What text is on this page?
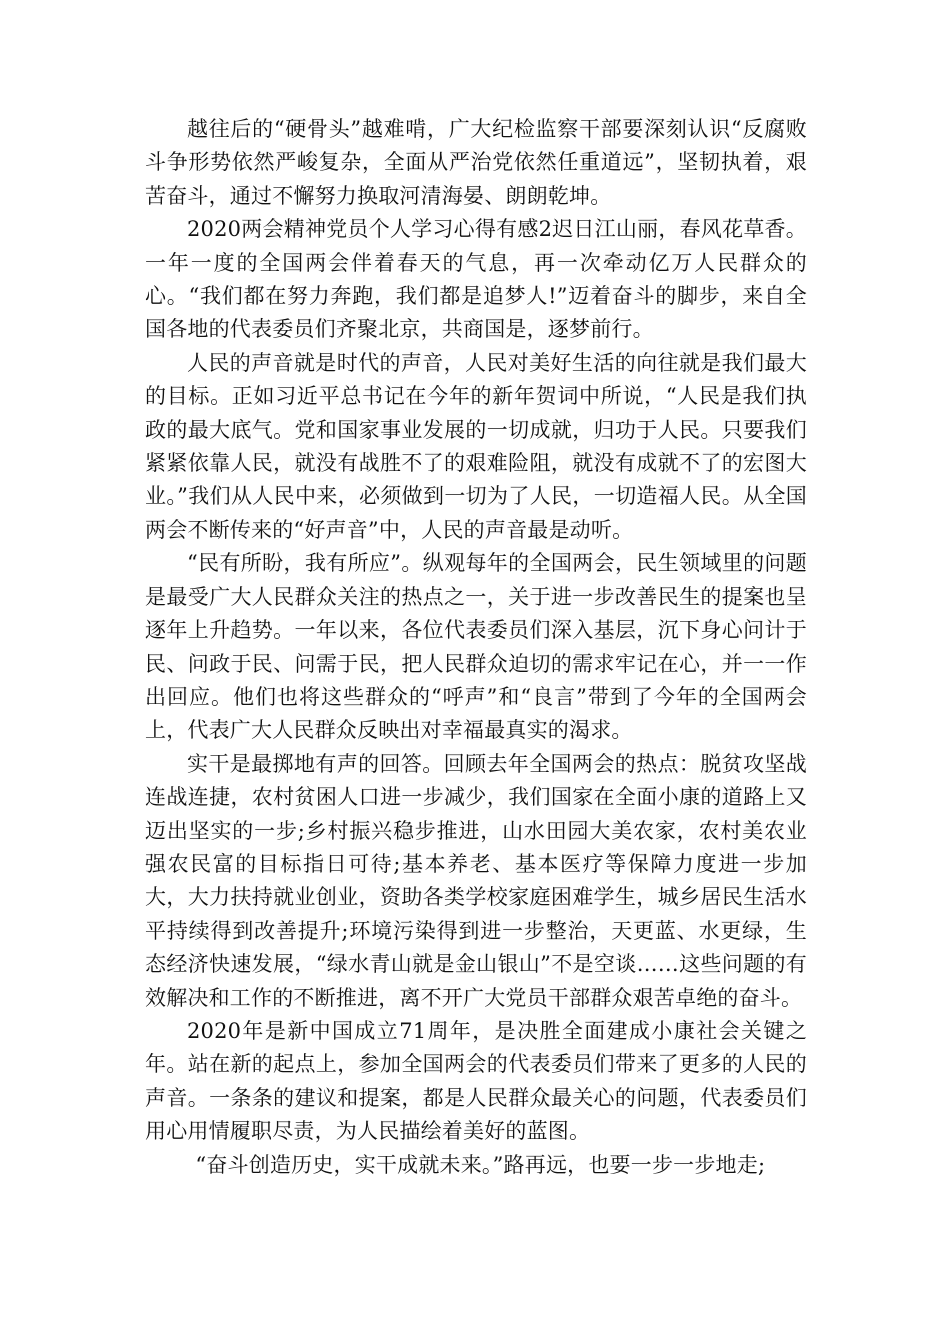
越往后的“硬骨头”越难啃，广大纪检监察干部要深刻认识“反腐败斗争形势依然严峻复杂，全面从严治党依然任重道远”，坚韧执着，艰苦奋斗，通过不懈努力换取河清海晏、朗朗乾坤。

2020两会精神党员个人学习心得有感2迟日江山丽，春风花草香。一年一度的全国两会伴着春天的气息，再一次牵动亿万人民群众的心。“我们都在努力奔跑，我们都是追梦人!”迈着奋斗的脚步，来自全国各地的代表委员们齐聚北京，共商国是，逐梦前行。

人民的声音就是时代的声音，人民对美好生活的向往就是我们最大的目标。正如习近平总书记在今年的新年贺词中所说，“人民是我们执政的最大底气。党和国家事业发展的一切成就，归功于人民。只要我们紧紧依靠人民，就没有战胜不了的艰难险阻，就没有成就不了的宏图大业。”我们从人民中来，必须做到一切为了人民，一切造福人民。从全国两会不断传来的“好声音”中，人民的声音最是动听。

“民有所盼，我有所应”。纵观每年的全国两会，民生领域里的问题是最受广大人民群众关注的热点之一，关于进一步改善民生的提案也呈逐年上升趋势。一年以来，各位代表委员们深入基层，沉下身心问计于民、问政于民、问需于民，把人民群众迫切的需求牢记在心，并一一作出回应。他们也将这些群众的“呼声”和“良言”带到了今年的全国两会上，代表广大人民群众反映出对幸福最真实的渴求。

实干是最掷地有声的回答。回顾去年全国两会的热点：脱贫攻坚战连战连捷，农村贫困人口进一步减少，我们国家在全面小康的道路上又迈出坚实的一步;乡村振兴稳步推进，山水田园大美农家，农村美农业强农民富的目标指日可待;基本养老、基本医疗等保障力度进一步加大，大力扶持就业创业，资助各类学校家庭困难学生，城乡居民生活水平持续得到改善提升;环境污染得到进一步整治，天更蓝、水更绿，生态经济快速发展，“绿水青山就是金山银山”不是空谈……这些问题的有效解决和工作的不断推进，离不开广大党员干部群众艰苦卓绝的奋斗。

2020年是新中国成立71周年，是决胜全面建成小康社会关键之年。站在新的起点上，参加全国两会的代表委员们带来了更多的人民的声音。一条条的建议和提案，都是人民群众最关心的问题，代表委员们用心用情履职尽责，为人民描绘着美好的蓝图。

“奋斗创造历史，实干成就未来。”路再远，也要一步一步地走;
